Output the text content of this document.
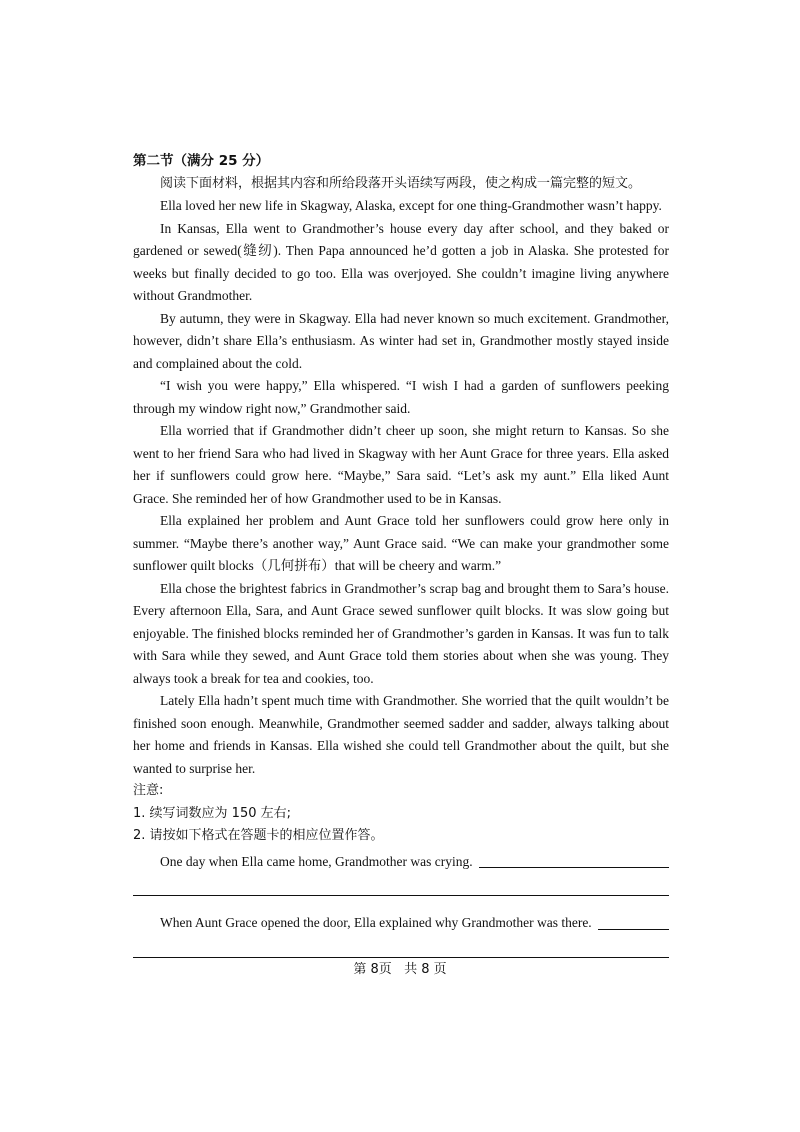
第二节（满分 25 分）

阅读下面材料，根据其内容和所给段落开头语续写两段，使之构成一篇完整的短文。

Ella loved her new life in Skagway, Alaska, except for one thing-Grandmother wasn’t happy.

In Kansas, Ella went to Grandmother’s house every day after school, and they baked or gardened or sewed(缝纫). Then Papa announced he’d gotten a job in Alaska. She protested for weeks but finally decided to go too. Ella was overjoyed. She couldn’t imagine living anywhere without Grandmother.

By autumn, they were in Skagway. Ella had never known so much excitement. Grandmother, however, didn’t share Ella’s enthusiasm. As winter had set in, Grandmother mostly stayed inside and complained about the cold.

“I wish you were happy,” Ella whispered. “I wish I had a garden of sunflowers peeking through my window right now,” Grandmother said.

Ella worried that if Grandmother didn’t cheer up soon, she might return to Kansas. So she went to her friend Sara who had lived in Skagway with her Aunt Grace for three years. Ella asked her if sunflowers could grow here. “Maybe,” Sara said. “Let’s ask my aunt.” Ella liked Aunt Grace. She reminded her of how Grandmother used to be in Kansas.

Ella explained her problem and Aunt Grace told her sunflowers could grow here only in summer. “Maybe there’s another way,” Aunt Grace said. “We can make your grandmother some sunflower quilt blocks（几何拼布）that will be cheery and warm.”

Ella chose the brightest fabrics in Grandmother’s scrap bag and brought them to Sara’s house. Every afternoon Ella, Sara, and Aunt Grace sewed sunflower quilt blocks. It was slow going but enjoyable. The finished blocks reminded her of Grandmother’s garden in Kansas. It was fun to talk with Sara while they sewed, and Aunt Grace told them stories about when she was young. They always took a break for tea and cookies, too.

Lately Ella hadn’t spent much time with Grandmother. She worried that the quilt wouldn’t be finished soon enough. Meanwhile, Grandmother seemed sadder and sadder, always talking about her home and friends in Kansas. Ella wished she could tell Grandmother about the quilt, but she wanted to surprise her.

注意:
1. 续写词数应为 150 左右;
2. 请按如下格式在答题卡的相应位置作答。
One day when Ella came home, Grandmother was crying.
When Aunt Grace opened the door, Ella explained why Grandmother was there.
第 8页   共 8 页
